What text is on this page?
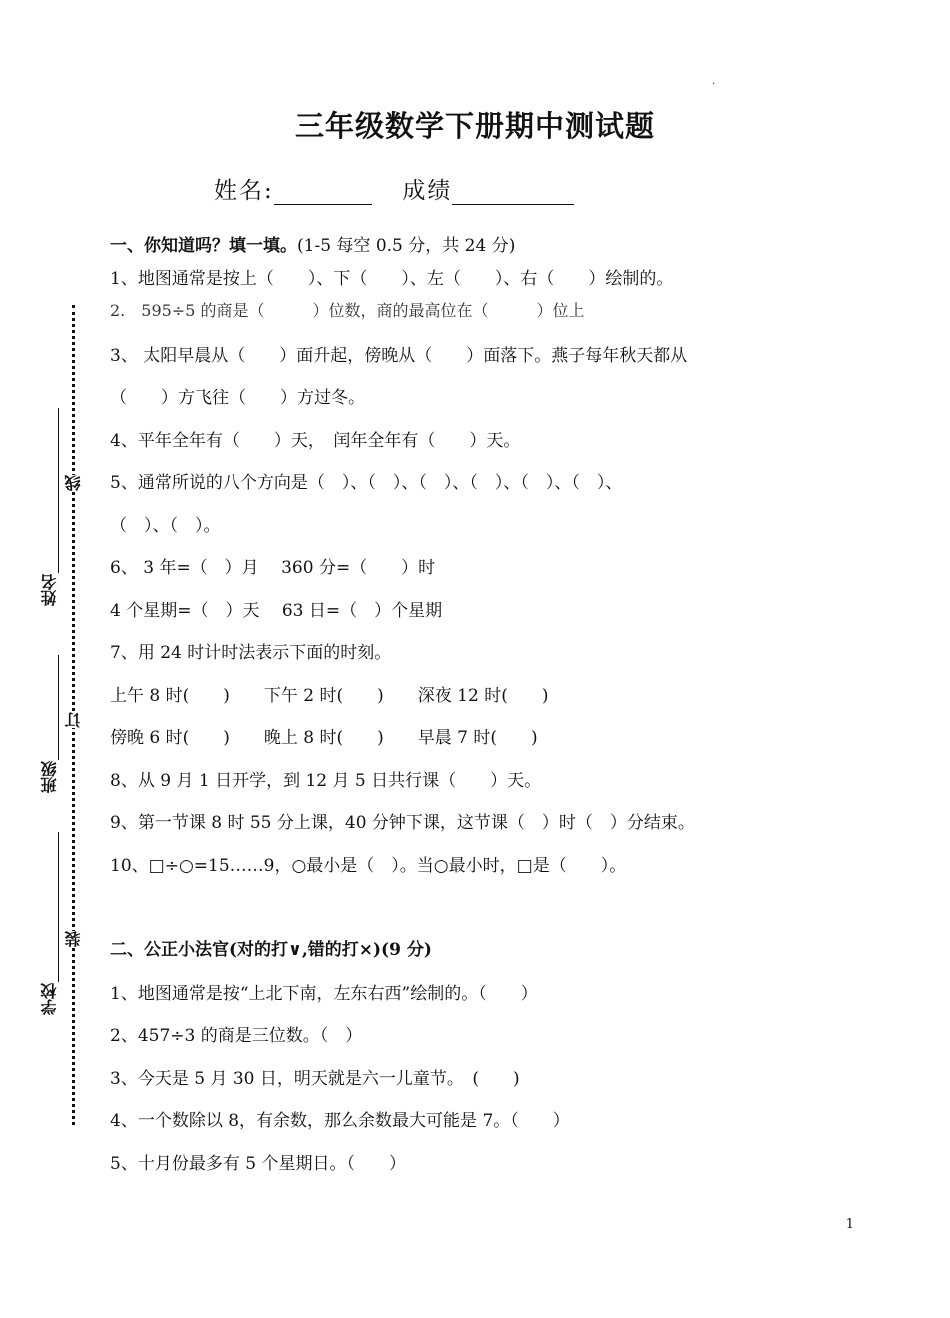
姓名
班级
学校
线
订
装
.
三年级数学下册期中测试题
姓名:	成绩
一、你知道吗？填一填。(1-5 每空 0.5 分，共 24 分)
1、地图通常是按上（　　）、下（　　）、左（　　）、右（　　）绘制的。
2.　595÷5 的商是（　　　）位数，商的最高位在（　　　）位上
3、 太阳早晨从（　　）面升起，傍晚从（　　）面落下。燕子每年秋天都从
（　　）方飞往（　　）方过冬。
4、平年全年有（　　）天，　闰年全年有（　　）天。
5、通常所说的八个方向是（　）、（　）、（　）、（　）、（　）、（　）、
（　）、（　）。
6、 3 年=（　）月　 360 分=（　　）时
4 个星期=（　）天　 63 日=（　）个星期
7、用 24 时计时法表示下面的时刻。
上午 8 时(　　)　　下午 2 时(　　)　　深夜 12 时(　　)
傍晚 6 时(　　)　　晚上 8 时(　　)　　早晨 7 时(　　)
8、从 9 月 1 日开学，到 12 月 5 日共行课（　　）天。
9、第一节课 8 时 55 分上课，40 分钟下课，这节课（　）时（　）分结束。
10、□÷○=15……9，○最小是（　）。当○最小时，□是（　　）。
二、公正小法官(对的打∨,错的打×)(9 分)
1、地图通常是按“上北下南，左东右西”绘制的。（　　）
2、457÷3 的商是三位数。（　）
3、今天是 5 月 30 日，明天就是六一儿童节。　(　　)
4、一个数除以 8，有余数，那么余数最大可能是 7。（　　）
5、十月份最多有 5 个星期日。（　　）
1
